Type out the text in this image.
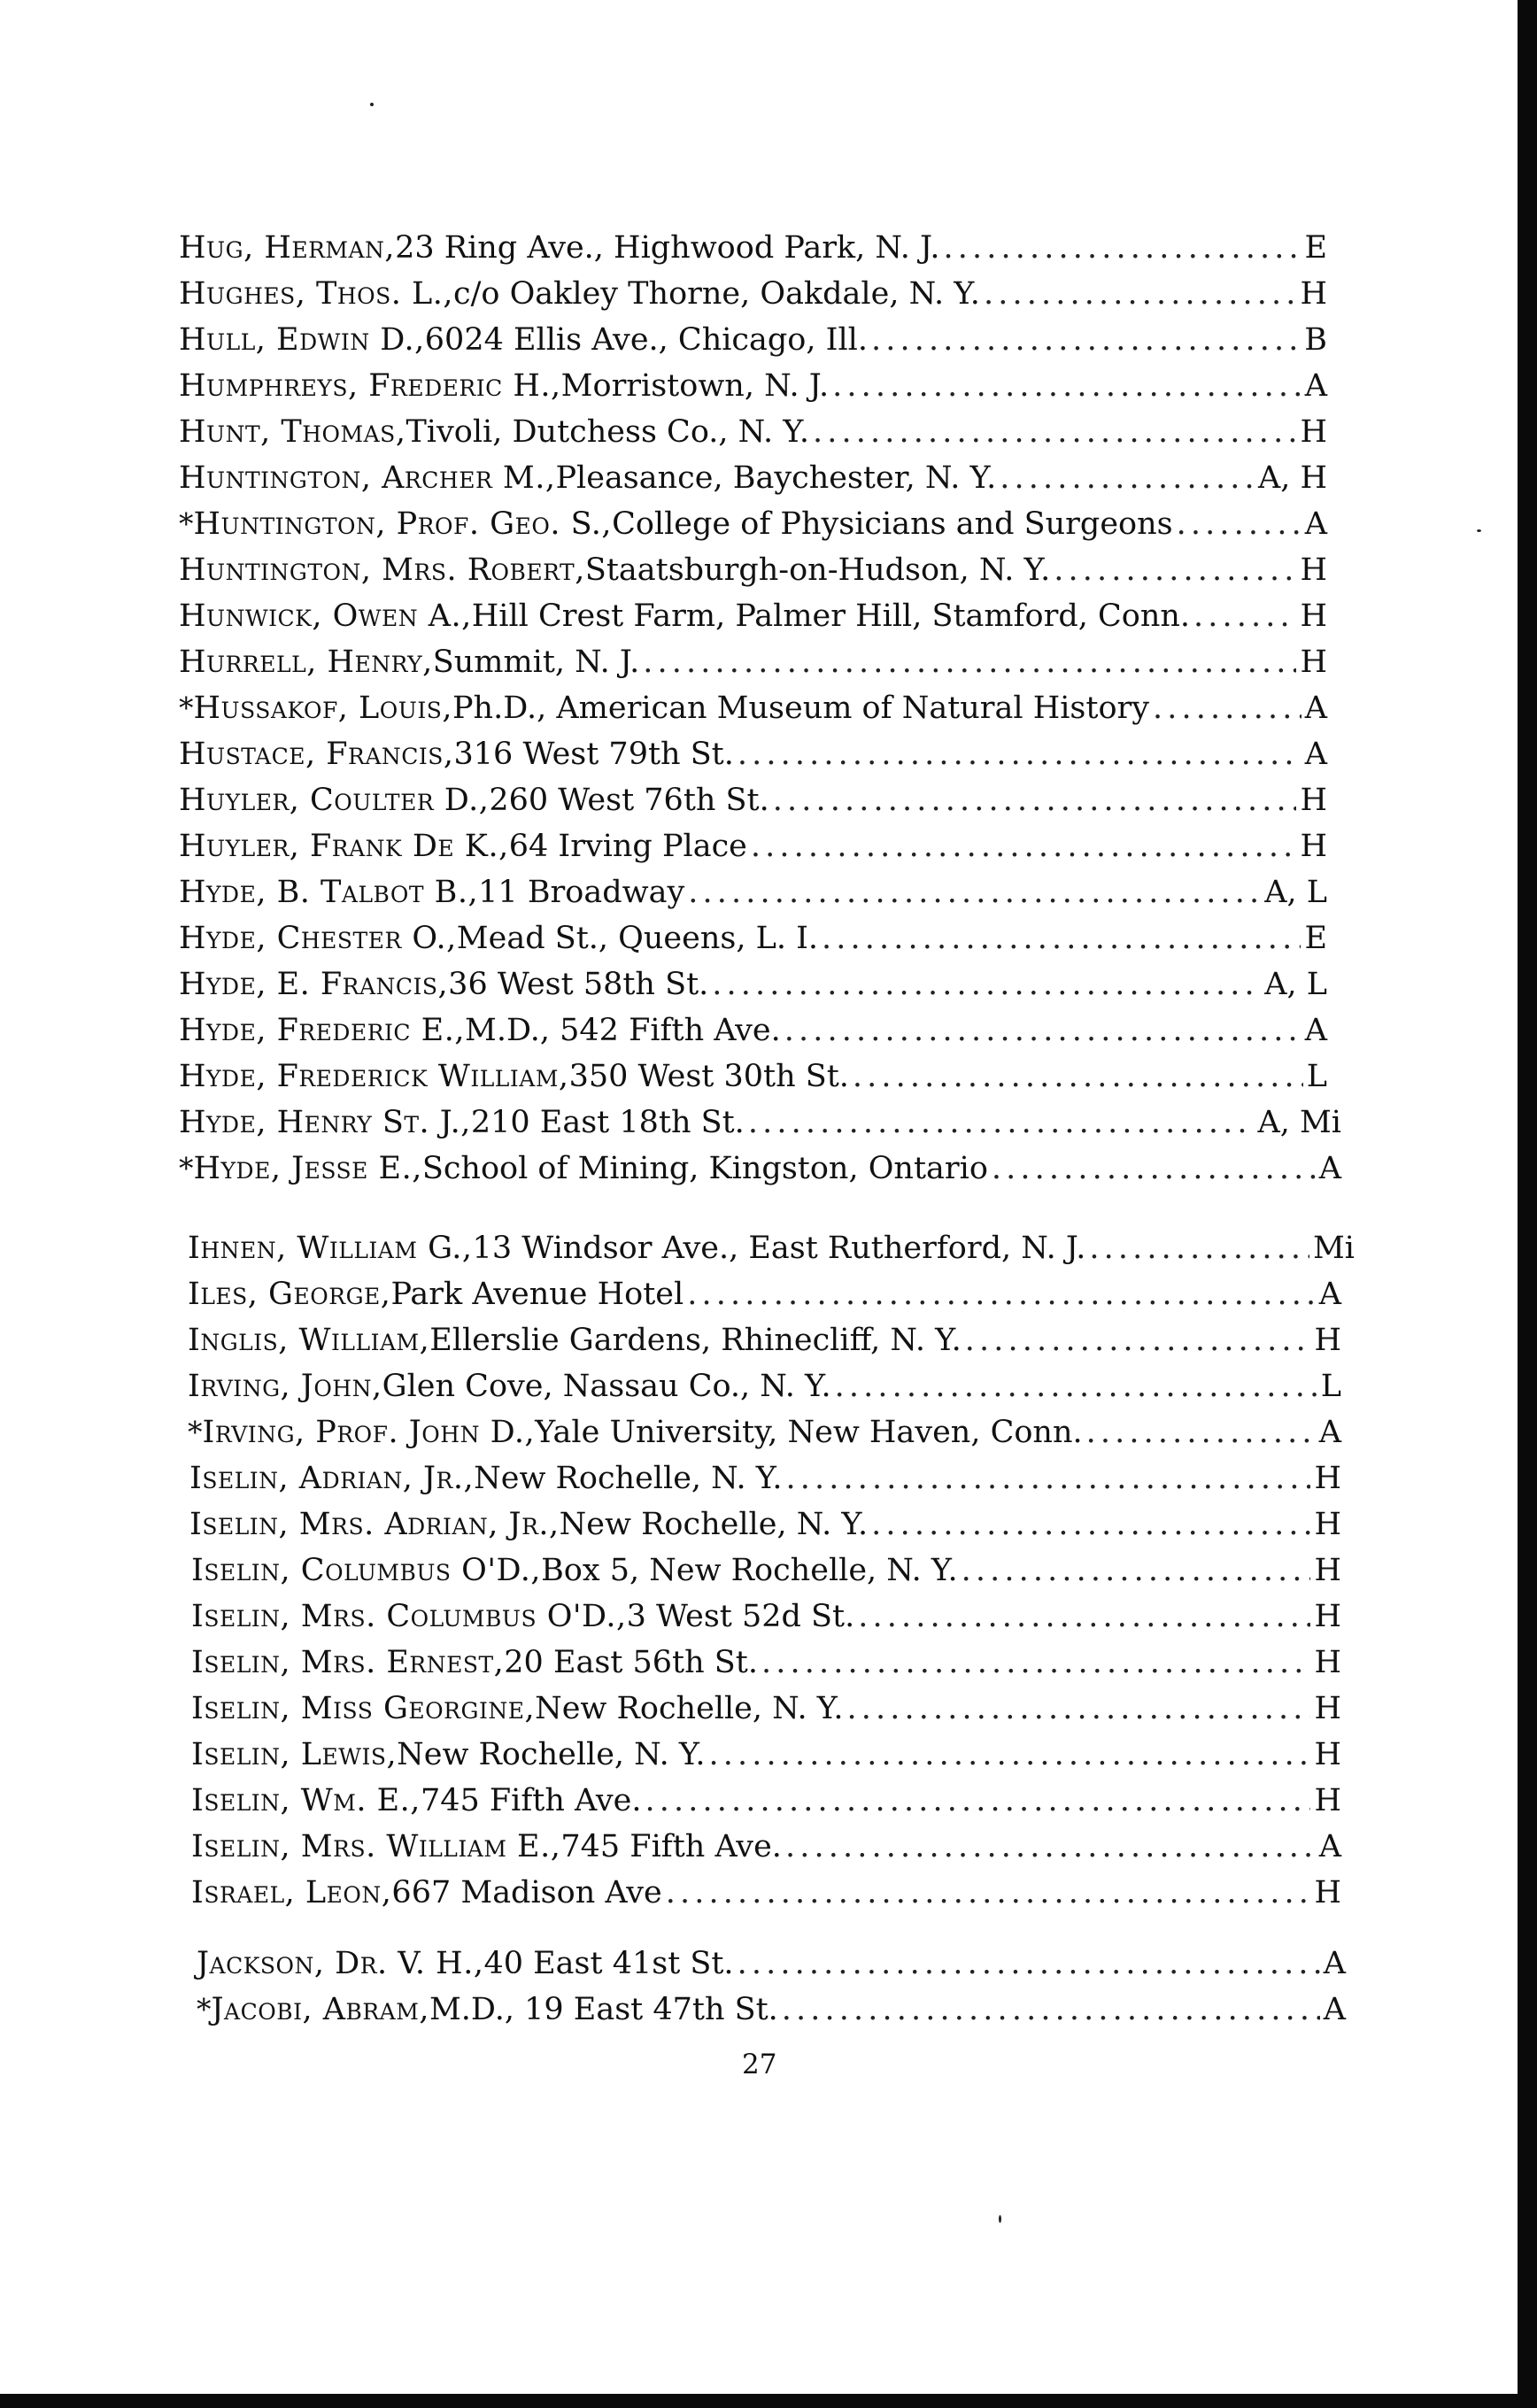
Hug, Herman, 23 Ring Ave., Highwood Park, N. J. . . .	E
Hughes, Thos. L., c/o Oakley Thorne, Oakdale, N. Y. . . .	H
Hull, Edwin D., 6024 Ellis Ave., Chicago, Ill. . . .	B
Humphreys, Frederic H., Morristown, N. J. . . .	A
Hunt, Thomas, Tivoli, Dutchess Co., N. Y. . . .	H
Huntington, Archer M., Pleasance, Baychester, N. Y. . . .	A, H
* Huntington, Prof. Geo. S., College of Physicians and Surgeons . . .	A
Huntington, Mrs. Robert, Staatsburgh-on-Hudson, N. Y. . . .	H
Hunwick, Owen A., Hill Crest Farm, Palmer Hill, Stamford, Conn. . . .	H
Hurrell, Henry, Summit, N. J. . . .	H
* Hussakof, Louis, Ph.D., American Museum of Natural History . . .	A
Hustace, Francis, 316 West 79th St. . . .	A
Huyler, Coulter D., 260 West 76th St. . . .	H
Huyler, Frank De K., 64 Irving Place . . .	H
Hyde, B. Talbot B., 11 Broadway . . .	A, L
Hyde, Chester O., Mead St., Queens, L. I. . . .	E
Hyde, E. Francis, 36 West 58th St. . . .	A, L
Hyde, Frederic E., M.D., 542 Fifth Ave. . . .	A
Hyde, Frederick William, 350 West 30th St. . . .	L
Hyde, Henry St. J., 210 East 18th St. . . .	A, Mi
* Hyde, Jesse E., School of Mining, Kingston, Ontario . . .	A
Ihnen, William G., 13 Windsor Ave., East Rutherford, N. J. . . .	Mi
Iles, George, Park Avenue Hotel . . .	A
Inglis, William, Ellerslie Gardens, Rhinecliff, N. Y. . . .	H
Irving, John, Glen Cove, Nassau Co., N. Y. . . .	L
* Irving, Prof. John D., Yale University, New Haven, Conn. . . .	A
Iselin, Adrian, Jr., New Rochelle, N. Y. . . .	H
Iselin, Mrs. Adrian, Jr., New Rochelle, N. Y. . . .	H
Iselin, Columbus O'D., Box 5, New Rochelle, N. Y. . . .	H
Iselin, Mrs. Columbus O'D., 3 West 52d St. . . .	H
Iselin, Mrs. Ernest, 20 East 56th St. . . .	H
Iselin, Miss Georgine, New Rochelle, N. Y. . . .	H
Iselin, Lewis, New Rochelle, N. Y. . . .	H
Iselin, Wm. E., 745 Fifth Ave. . . .	H
Iselin, Mrs. William E., 745 Fifth Ave. . . .	A
Israel, Leon, 667 Madison Ave . . .	H
Jackson, Dr. V. H., 40 East 41st St. . . .	A
* Jacobi, Abram, M.D., 19 East 47th St. . . .	A
27
